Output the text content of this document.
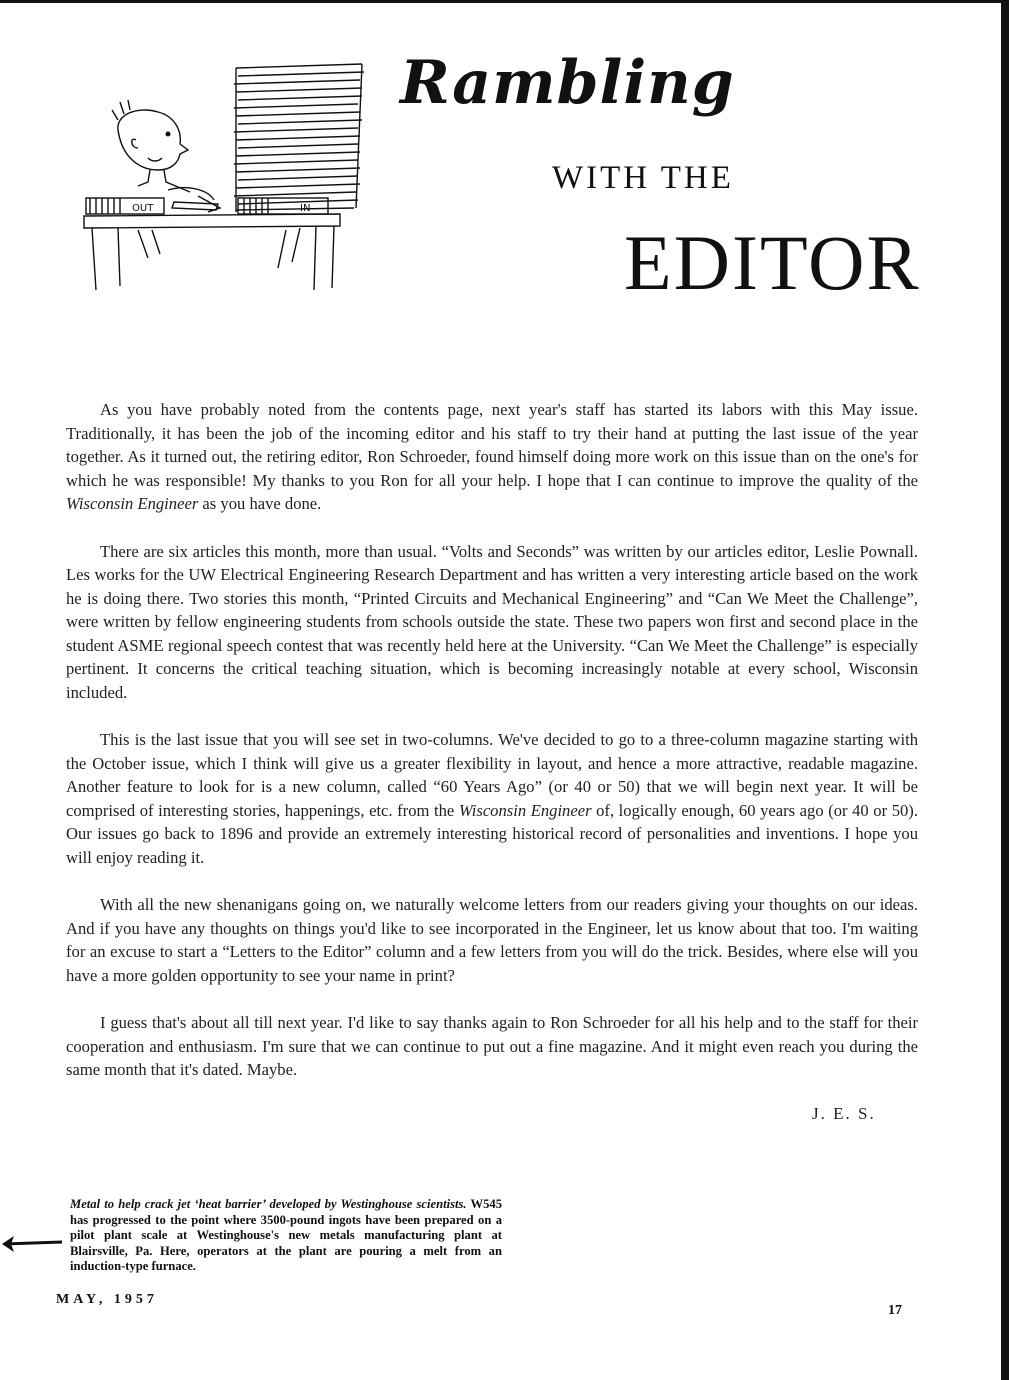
OUT	IN
Rambling
WITH THE
EDITOR

As you have probably noted from the contents page, next year's staff has started its labors with this May issue. Traditionally, it has been the job of the incoming editor and his staff to try their hand at putting the last issue of the year together. As it turned out, the retiring editor, Ron Schroeder, found himself doing more work on this issue than on the one's for which he was responsible! My thanks to you Ron for all your help. I hope that I can continue to improve the quality of the Wisconsin Engineer as you have done.

There are six articles this month, more than usual. “Volts and Seconds” was written by our articles editor, Leslie Pownall. Les works for the UW Electrical Engineering Research Department and has written a very interesting article based on the work he is doing there. Two stories this month, “Printed Circuits and Mechanical Engineering” and “Can We Meet the Challenge”, were written by fellow engineering students from schools outside the state. These two papers won first and second place in the student ASME regional speech contest that was recently held here at the University. “Can We Meet the Challenge” is especially pertinent. It concerns the critical teaching situation, which is becoming increasingly notable at every school, Wisconsin included.

This is the last issue that you will see set in two-columns. We've decided to go to a three-column magazine starting with the October issue, which I think will give us a greater flexibility in layout, and hence a more attractive, readable magazine. Another feature to look for is a new column, called “60 Years Ago” (or 40 or 50) that we will begin next year. It will be comprised of interesting stories, happenings, etc. from the Wisconsin Engineer of, logically enough, 60 years ago (or 40 or 50). Our issues go back to 1896 and provide an extremely interesting historical record of personalities and inventions. I hope you will enjoy reading it.

With all the new shenanigans going on, we naturally welcome letters from our readers giving your thoughts on our ideas. And if you have any thoughts on things you'd like to see incorporated in the Engineer, let us know about that too. I'm waiting for an excuse to start a “Letters to the Editor” column and a few letters from you will do the trick. Besides, where else will you have a more golden opportunity to see your name in print?

I guess that's about all till next year. I'd like to say thanks again to Ron Schroeder for all his help and to the staff for their cooperation and enthusiasm. I'm sure that we can continue to put out a fine magazine. And it might even reach you during the same month that it's dated. Maybe.

J. E. S.
Metal to help crack jet ‘heat barrier’ developed by Westinghouse scientists. W545 has progressed to the point where 3500-pound ingots have been prepared on a pilot plant scale at Westinghouse's new metals manufacturing plant at Blairsville, Pa. Here, operators at the plant are pouring a melt from an induction-type furnace.
MAY, 1957
17
